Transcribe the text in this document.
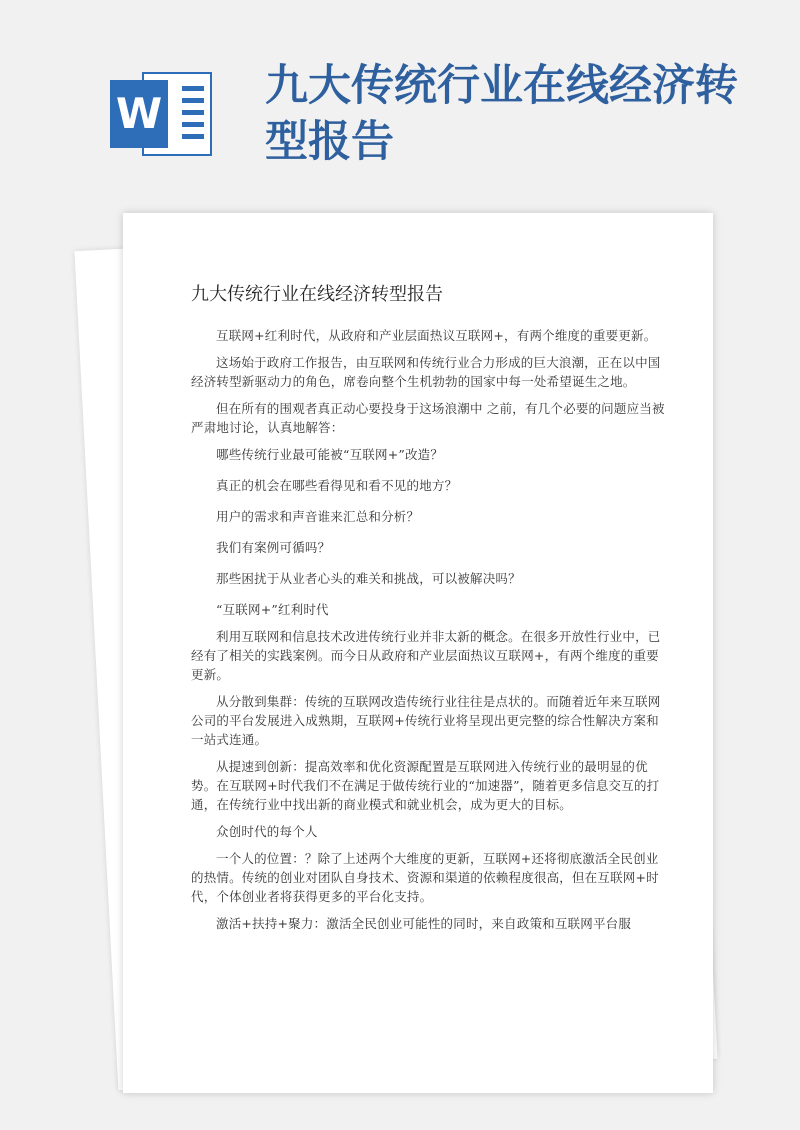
W
九大传统行业在线经济转型报告
九大传统行业在线经济转型报告

互联网+红利时代，从政府和产业层面热议互联网+，有两个维度的重要更新。

这场始于政府工作报告，由互联网和传统行业合力形成的巨大浪潮，正在以中国经济转型新驱动力的角色，席卷向整个生机勃勃的国家中每一处希望诞生之地。

但在所有的围观者真正动心要投身于这场浪潮中 之前，有几个必要的问题应当被严肃地讨论，认真地解答：

哪些传统行业最可能被“互联网+”改造？

真正的机会在哪些看得见和看不见的地方？

用户的需求和声音谁来汇总和分析？

我们有案例可循吗？

那些困扰于从业者心头的难关和挑战，可以被解决吗？

“互联网+”红利时代

利用互联网和信息技术改进传统行业并非太新的概念。在很多开放性行业中，已经有了相关的实践案例。而今日从政府和产业层面热议互联网+，有两个维度的重要更新。

从分散到集群：传统的互联网改造传统行业往往是点状的。而随着近年来互联网公司的平台发展进入成熟期，互联网+传统行业将呈现出更完整的综合性解决方案和一站式连通。

从提速到创新：提高效率和优化资源配置是互联网进入传统行业的最明显的优势。在互联网+时代我们不在满足于做传统行业的“加速器”，随着更多信息交互的打通，在传统行业中找出新的商业模式和就业机会，成为更大的目标。

众创时代的每个人

一个人的位置：？除了上述两个大维度的更新，互联网+还将彻底激活全民创业的热情。传统的创业对团队自身技术、资源和渠道的依赖程度很高，但在互联网+时代，个体创业者将获得更多的平台化支持。

激活+扶持+聚力：激活全民创业可能性的同时，来自政策和互联网平台服
